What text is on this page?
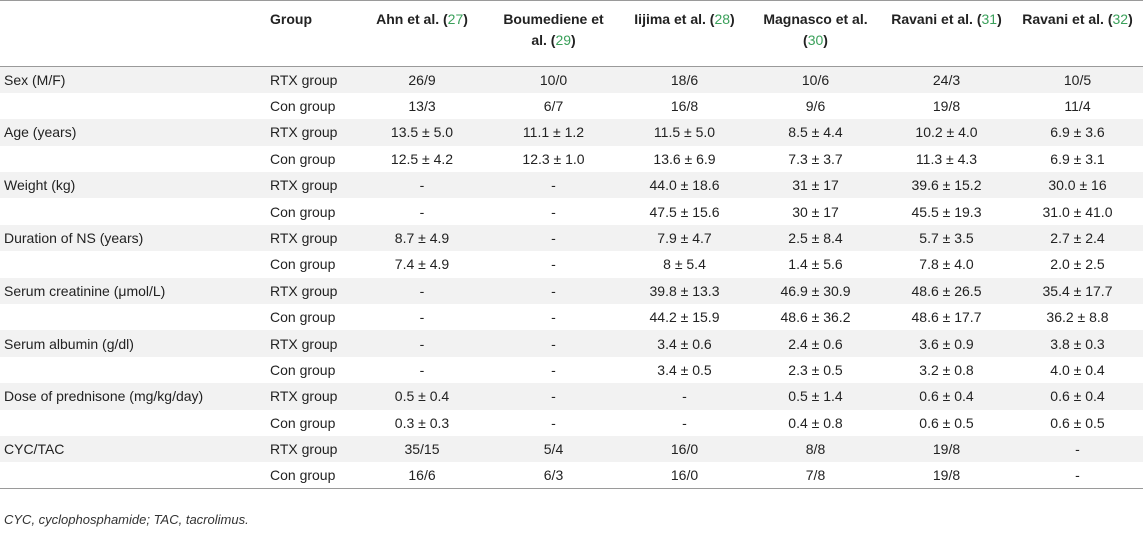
	Group	Ahn et al. (27)	Boumediene et al. (29)	Iijima et al. (28)	Magnasco et al. (30)	Ravani et al. (31)	Ravani et al. (32)
Sex (M/F)	RTX group	26/9	10/0	18/6	10/6	24/3	10/5
	Con group	13/3	6/7	16/8	9/6	19/8	11/4
Age (years)	RTX group	13.5 ± 5.0	11.1 ± 1.2	11.5 ± 5.0	8.5 ± 4.4	10.2 ± 4.0	6.9 ± 3.6
	Con group	12.5 ± 4.2	12.3 ± 1.0	13.6 ± 6.9	7.3 ± 3.7	11.3 ± 4.3	6.9 ± 3.1
Weight (kg)	RTX group	-	-	44.0 ± 18.6	31 ± 17	39.6 ± 15.2	30.0 ± 16
	Con group	-	-	47.5 ± 15.6	30 ± 17	45.5 ± 19.3	31.0 ± 41.0
Duration of NS (years)	RTX group	8.7 ± 4.9	-	7.9 ± 4.7	2.5 ± 8.4	5.7 ± 3.5	2.7 ± 2.4
	Con group	7.4 ± 4.9	-	8 ± 5.4	1.4 ± 5.6	7.8 ± 4.0	2.0 ± 2.5
Serum creatinine (μmol/L)	RTX group	-	-	39.8 ± 13.3	46.9 ± 30.9	48.6 ± 26.5	35.4 ± 17.7
	Con group	-	-	44.2 ± 15.9	48.6 ± 36.2	48.6 ± 17.7	36.2 ± 8.8
Serum albumin (g/dl)	RTX group	-	-	3.4 ± 0.6	2.4 ± 0.6	3.6 ± 0.9	3.8 ± 0.3
	Con group	-	-	3.4 ± 0.5	2.3 ± 0.5	3.2 ± 0.8	4.0 ± 0.4
Dose of prednisone (mg/kg/day)	RTX group	0.5 ± 0.4	-	-	0.5 ± 1.4	0.6 ± 0.4	0.6 ± 0.4
	Con group	0.3 ± 0.3	-	-	0.4 ± 0.8	0.6 ± 0.5	0.6 ± 0.5
CYC/TAC	RTX group	35/15	5/4	16/0	8/8	19/8	-
	Con group	16/6	6/3	16/0	7/8	19/8	-
CYC, cyclophosphamide; TAC, tacrolimus.
